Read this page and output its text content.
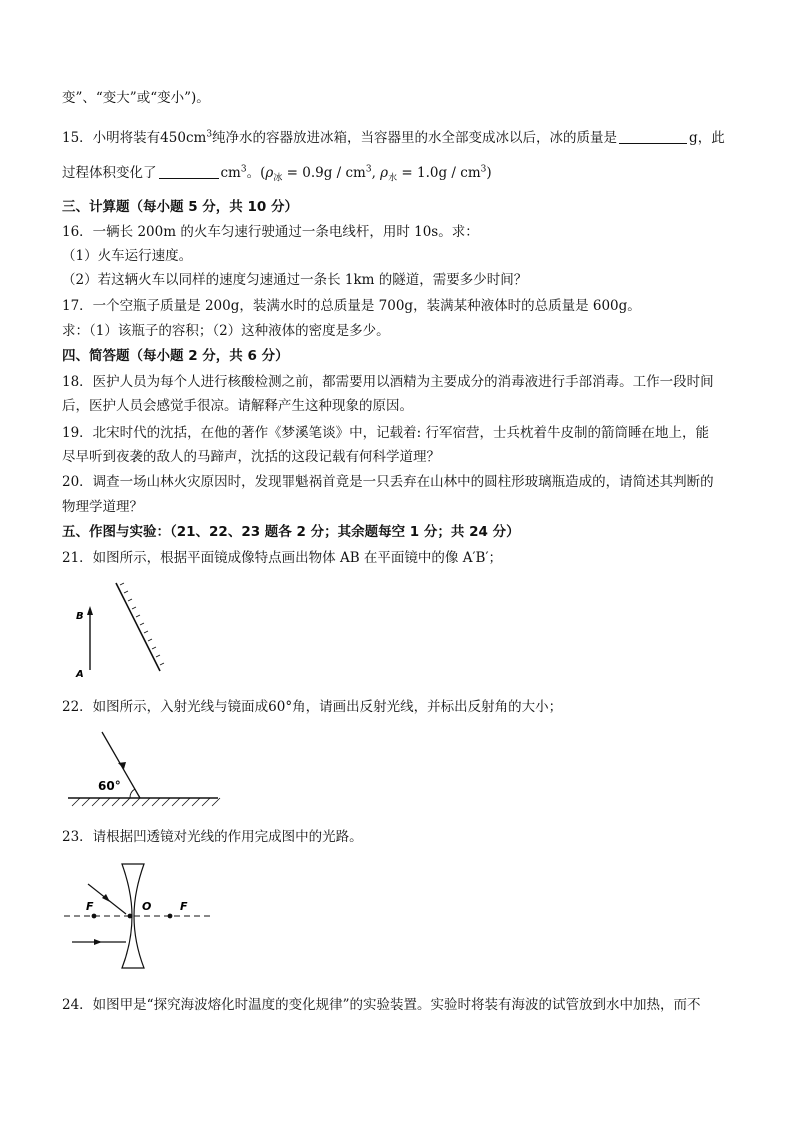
变”、“变大”或“变小”)。
15．小明将装有$450cm^3$纯净水的容器放进冰箱，当容器里的水全部变成冰以后，冰的质量是	g，此
过程体积变化了	$cm^3$。($\rho_冰 = 0.9g / cm^3$, $\rho_水 = 1.0g / cm^3$)
三、计算题（每小题 5 分，共 10 分）
16．一辆长 200m 的火车匀速行驶通过一条电线杆，用时 10s。求：
（1）火车运行速度。
（2）若这辆火车以同样的速度匀速通过一条长 1km 的隧道，需要多少时间？
17．一个空瓶子质量是 200g，装满水时的总质量是 700g，装满某种液体时的总质量是 600g。
求：（1）该瓶子的容积；（2）这种液体的密度是多少。
四、简答题（每小题 2 分，共 6 分）
18．医护人员为每个人进行核酸检测之前，都需要用以酒精为主要成分的消毒液进行手部消毒。工作一段时间
后，医护人员会感觉手很凉。请解释产生这种现象的原因。
19．北宋时代的沈括，在他的著作《梦溪笔谈》中，记载着: 行军宿营，士兵枕着牛皮制的箭筒睡在地上，能
尽早听到夜袭的敌人的马蹄声，沈括的这段记载有何科学道理？
20．调查一场山林火灾原因时，发现罪魁祸首竟是一只丢弃在山林中的圆柱形玻璃瓶造成的，请简述其判断的
物理学道理？
五、作图与实验：（21、22、23 题各 2 分；其余题每空 1 分；共 24 分）
21．如图所示，根据平面镜成像特点画出物体 AB 在平面镜中的像 A′B′；
B
A
22．如图所示，入射光线与镜面成60°角，请画出反射光线，并标出反射角的大小；
60°
23．请根据凹透镜对光线的作用完成图中的光路。
F	O	F
24．如图甲是“探究海波熔化时温度的变化规律”的实验装置。实验时将装有海波的试管放到水中加热，而不
